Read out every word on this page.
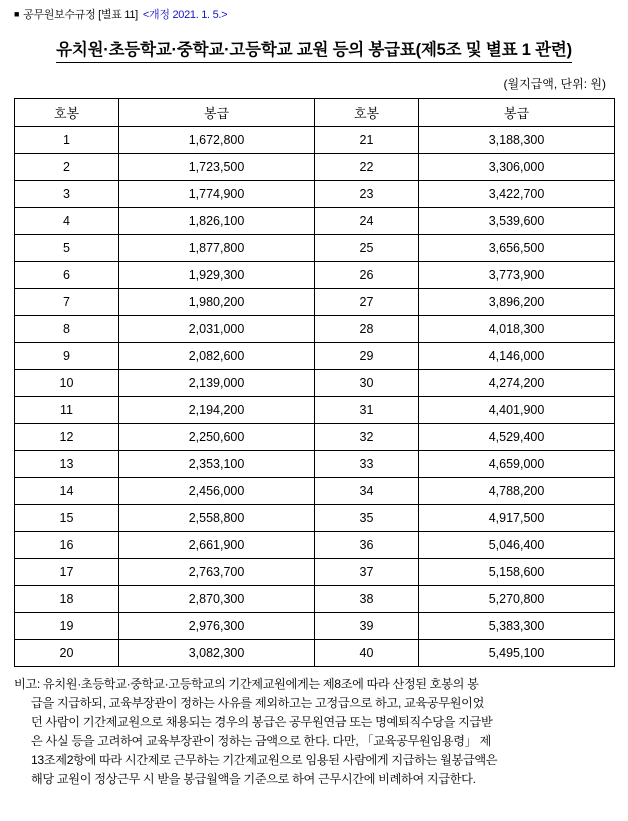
■ 공무원보수규정 [별표 11] <개정 2021. 1. 5.>
유치원·초등학교·중학교·고등학교 교원 등의 봉급표(제5조 및 별표 1 관련)
(월지급액, 단위: 원)
호봉	봉급	호봉	봉급
1	1,672,800	21	3,188,300
2	1,723,500	22	3,306,000
3	1,774,900	23	3,422,700
4	1,826,100	24	3,539,600
5	1,877,800	25	3,656,500
6	1,929,300	26	3,773,900
7	1,980,200	27	3,896,200
8	2,031,000	28	4,018,300
9	2,082,600	29	4,146,000
10	2,139,000	30	4,274,200
11	2,194,200	31	4,401,900
12	2,250,600	32	4,529,400
13	2,353,100	33	4,659,000
14	2,456,000	34	4,788,200
15	2,558,800	35	4,917,500
16	2,661,900	36	5,046,400
17	2,763,700	37	5,158,600
18	2,870,300	38	5,270,800
19	2,976,300	39	5,383,300
20	3,082,300	40	5,495,100

비고: 유치원·초등학교·중학교·고등학교의 기간제교원에게는 제8조에 따라 산정된 호봉의 봉

급을 지급하되, 교육부장관이 정하는 사유를 제외하고는 고정급으로 하고, 교육공무원이었

던 사람이 기간제교원으로 채용되는 경우의 봉급은 공무원연금 또는 명예퇴직수당을 지급받

은 사실 등을 고려하여 교육부장관이 정하는 금액으로 한다. 다만, 「교육공무원임용령」 제

13조제2항에 따라 시간제로 근무하는 기간제교원으로 임용된 사람에게 지급하는 월봉급액은

해당 교원이 정상근무 시 받을 봉급월액을 기준으로 하여 근무시간에 비례하여 지급한다.
